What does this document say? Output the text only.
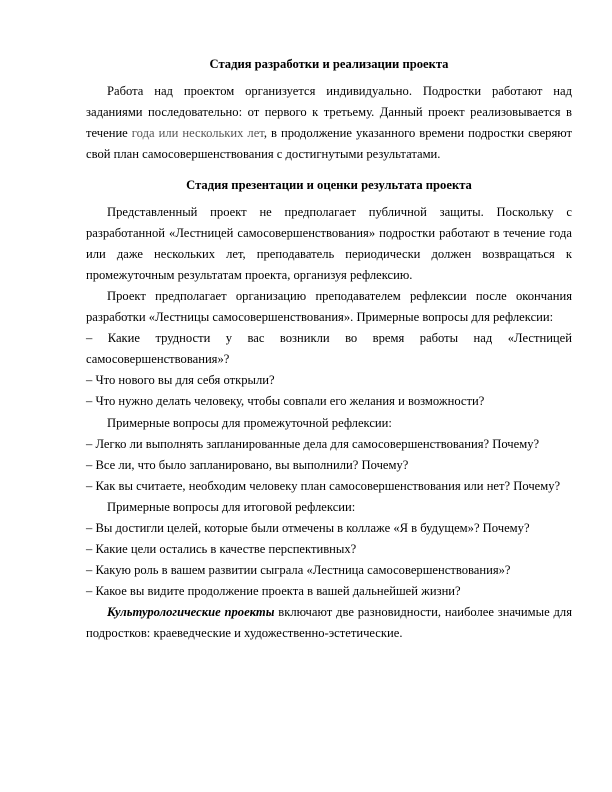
Стадия разработки и реализации проекта

Работа над проектом организуется индивидуально. Подростки работают над заданиями последовательно: от первого к третьему. Данный проект реализовывается в течение года или нескольких лет, в продолжение указанного времени подростки сверяют свой план самосовершенствования с достигнутыми результатами.

Стадия презентации и оценки результата проекта

Представленный проект не предполагает публичной защиты. Поскольку с разработанной «Лестницей самосовершенствования» подростки работают в течение года или даже нескольких лет, преподаватель периодически должен возвращаться к промежуточным результатам проекта, организуя рефлексию.

Проект предполагает организацию преподавателем рефлексии после окончания разработки «Лестницы самосовершенствования». Примерные вопросы для рефлексии:

– Какие трудности у вас возникли во время работы над «Лестницей самосовершенствования»?

– Что нового вы для себя открыли?

– Что нужно делать человеку, чтобы совпали его желания и возможности?

Примерные вопросы для промежуточной рефлексии:

– Легко ли выполнять запланированные дела для самосовершенствования? Почему?

– Все ли, что было запланировано, вы выполнили? Почему?

– Как вы считаете, необходим человеку план самосовершенствования или нет? Почему?

Примерные вопросы для итоговой рефлексии:

– Вы достигли целей, которые были отмечены в коллаже «Я в будущем»? Почему?

– Какие цели остались в качестве перспективных?

– Какую роль в вашем развитии сыграла «Лестница самосовершенствования»?

– Какое вы видите продолжение проекта в вашей дальнейшей жизни?

Культурологические проекты включают две разновидности, наиболее значимые для подростков: краеведческие и художественно-эстетические.
